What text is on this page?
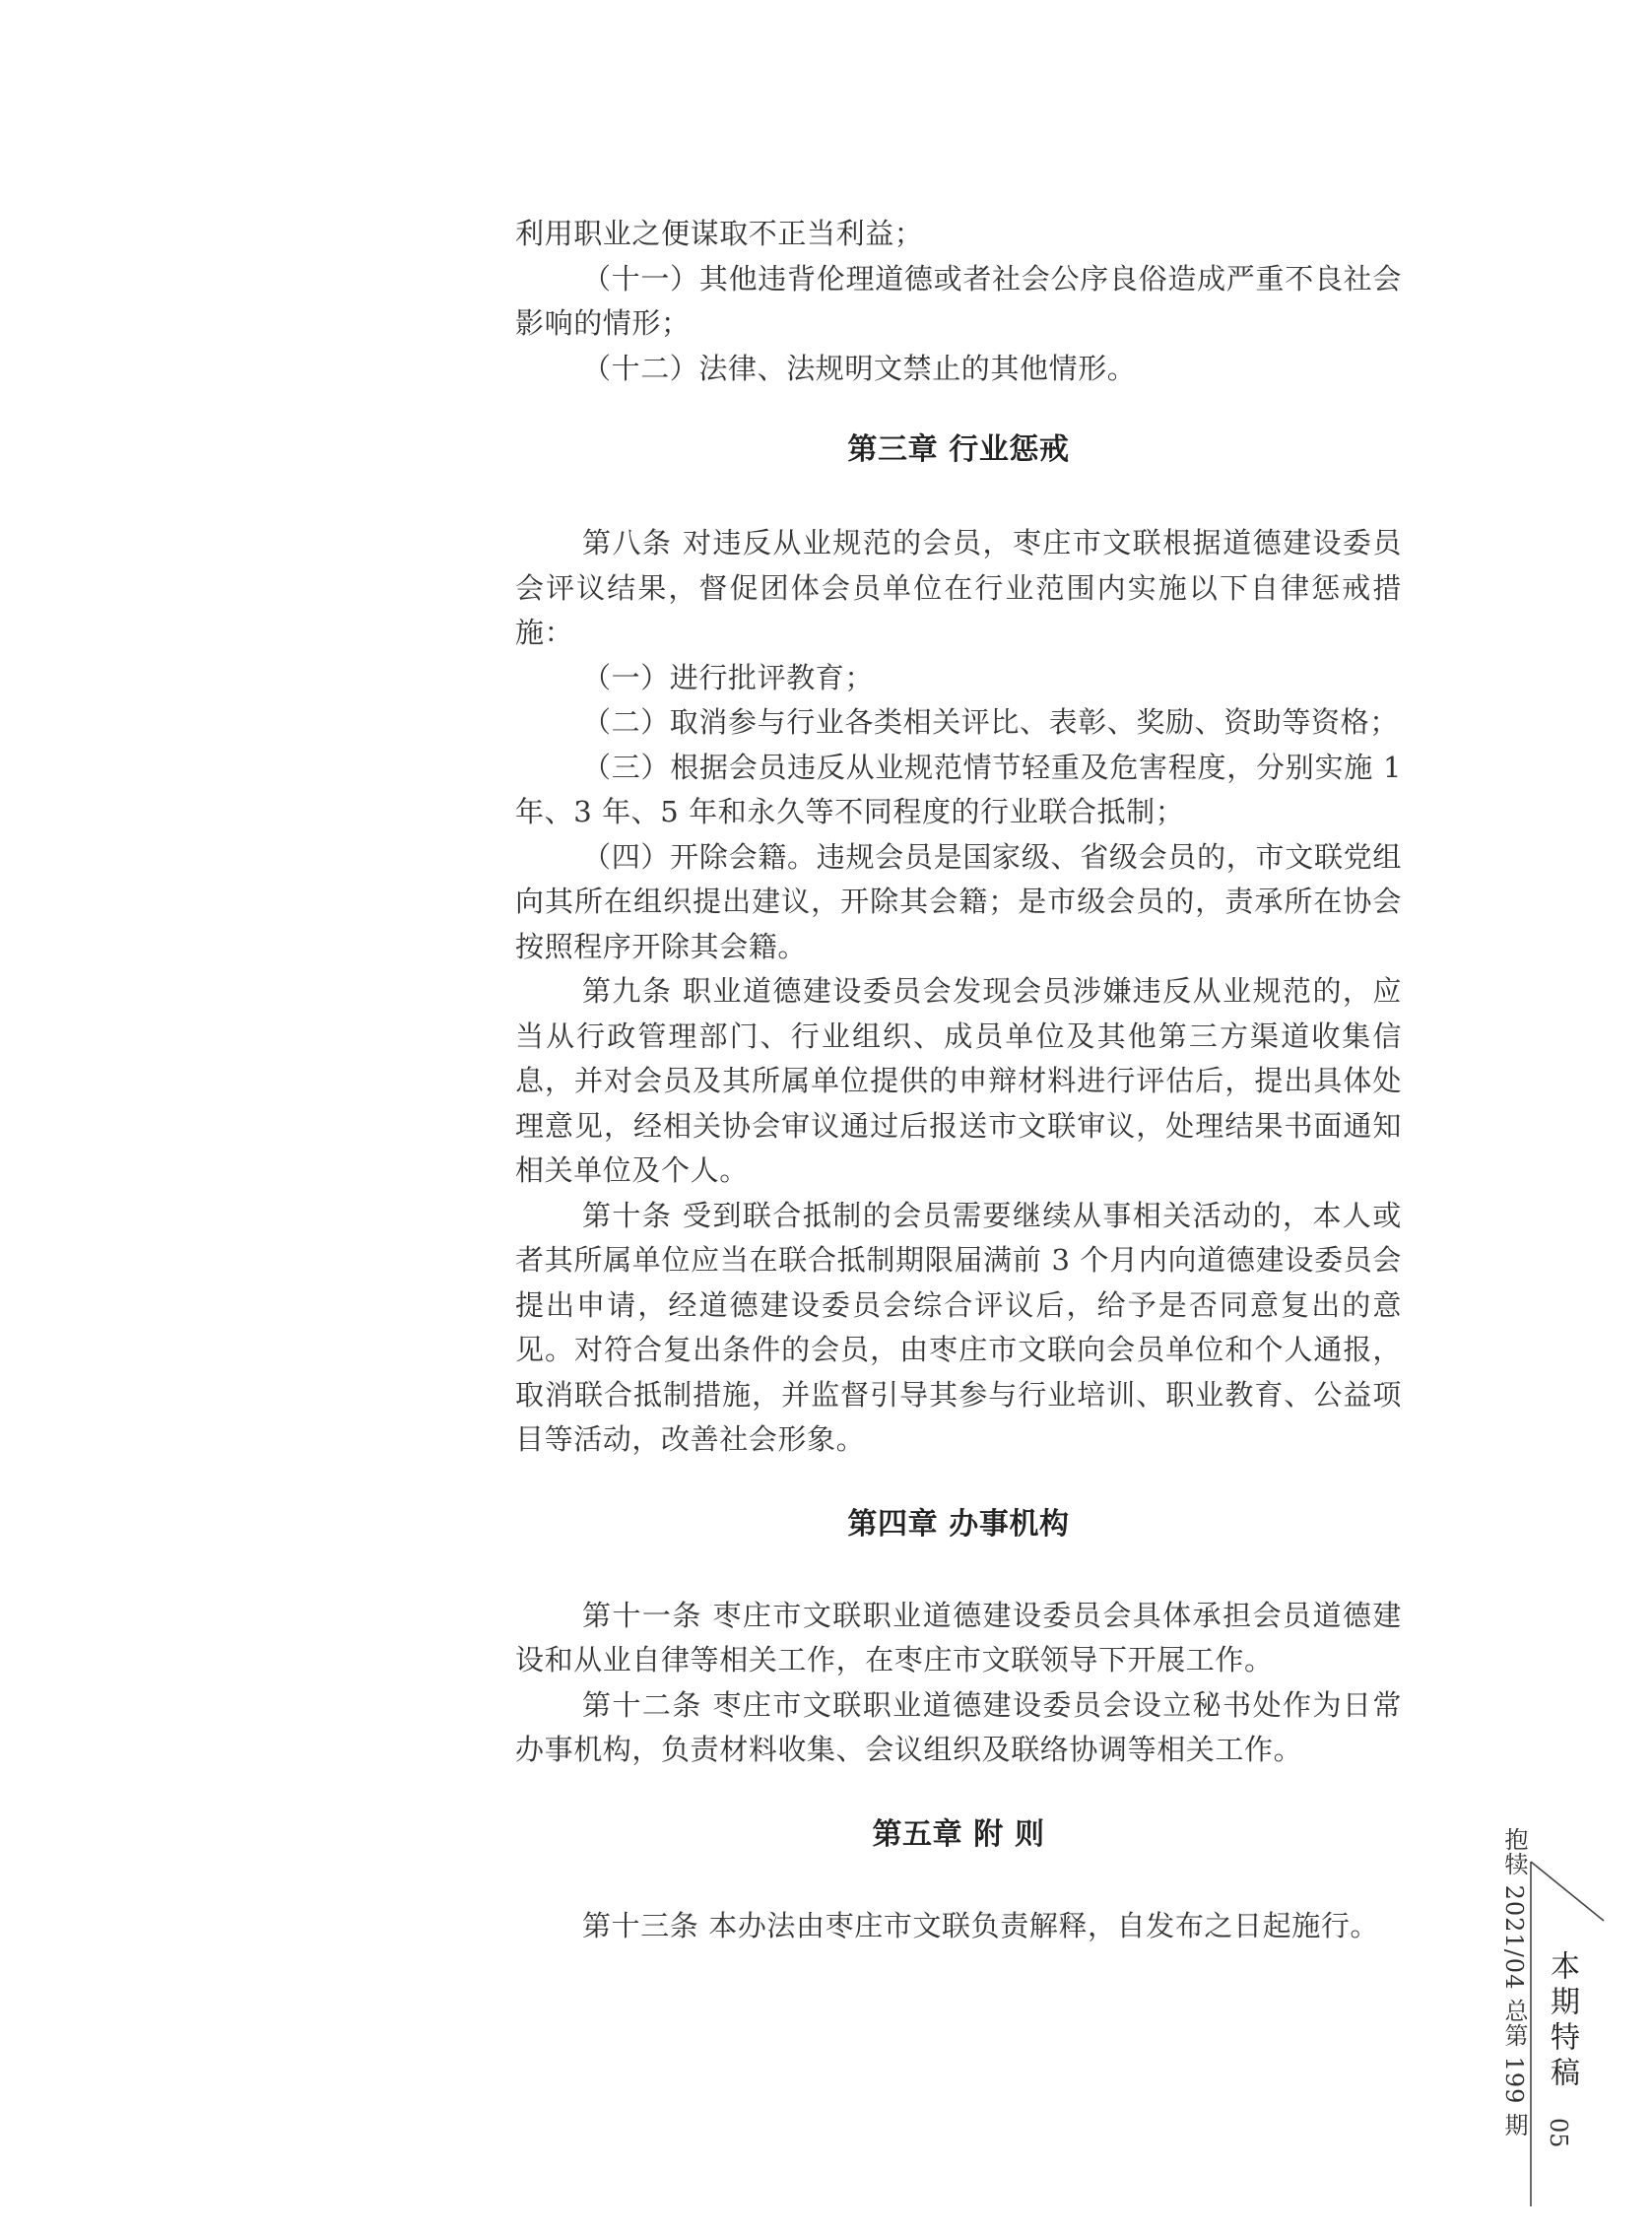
利用职业之便谋取不正当利益；

（十一）其他违背伦理道德或者社会公序良俗造成严重不良社会影响的情形；

（十二）法律、法规明文禁止的其他情形。

第三章 行业惩戒

第八条 对违反从业规范的会员，枣庄市文联根据道德建设委员会评议结果，督促团体会员单位在行业范围内实施以下自律惩戒措施：

（一）进行批评教育；

（二）取消参与行业各类相关评比、表彰、奖励、资助等资格；

（三）根据会员违反从业规范情节轻重及危害程度，分别实施 1 年、3 年、5 年和永久等不同程度的行业联合抵制；

（四）开除会籍。违规会员是国家级、省级会员的，市文联党组向其所在组织提出建议，开除其会籍；是市级会员的，责承所在协会按照程序开除其会籍。

第九条 职业道德建设委员会发现会员涉嫌违反从业规范的，应当从行政管理部门、行业组织、成员单位及其他第三方渠道收集信息，并对会员及其所属单位提供的申辩材料进行评估后，提出具体处理意见，经相关协会审议通过后报送市文联审议，处理结果书面通知相关单位及个人。

第十条 受到联合抵制的会员需要继续从事相关活动的，本人或者其所属单位应当在联合抵制期限届满前 3 个月内向道德建设委员会提出申请，经道德建设委员会综合评议后，给予是否同意复出的意见。对符合复出条件的会员，由枣庄市文联向会员单位和个人通报，取消联合抵制措施，并监督引导其参与行业培训、职业教育、公益项目等活动，改善社会形象。

第四章 办事机构

第十一条 枣庄市文联职业道德建设委员会具体承担会员道德建设和从业自律等相关工作，在枣庄市文联领导下开展工作。

第十二条 枣庄市文联职业道德建设委员会设立秘书处作为日常办事机构，负责材料收集、会议组织及联络协调等相关工作。

第五章 附 则

第十三条 本办法由枣庄市文联负责解释，自发布之日起施行。	抱犊 2021/04 总第 199 期 本期特稿
05
